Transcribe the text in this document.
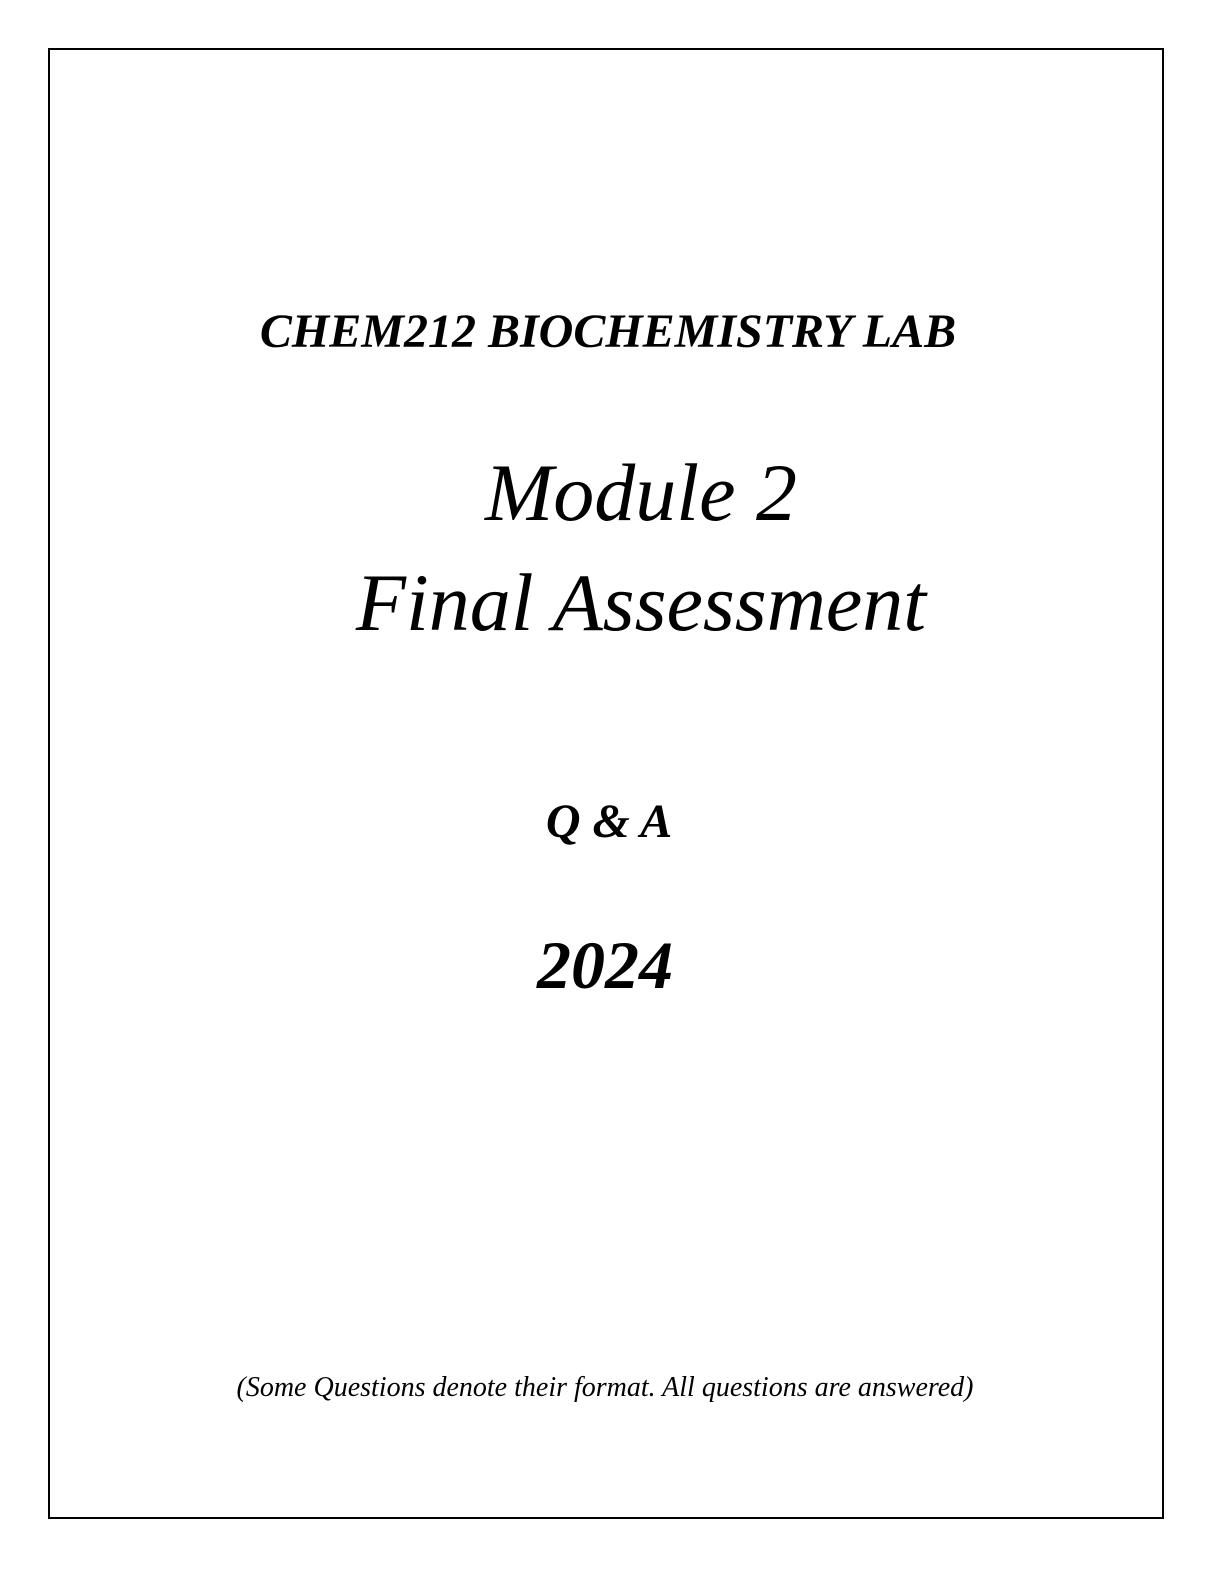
CHEM212 BIOCHEMISTRY LAB
Module 2
Final Assessment
Q & A
2024
(Some Questions denote their format. All questions are answered)
